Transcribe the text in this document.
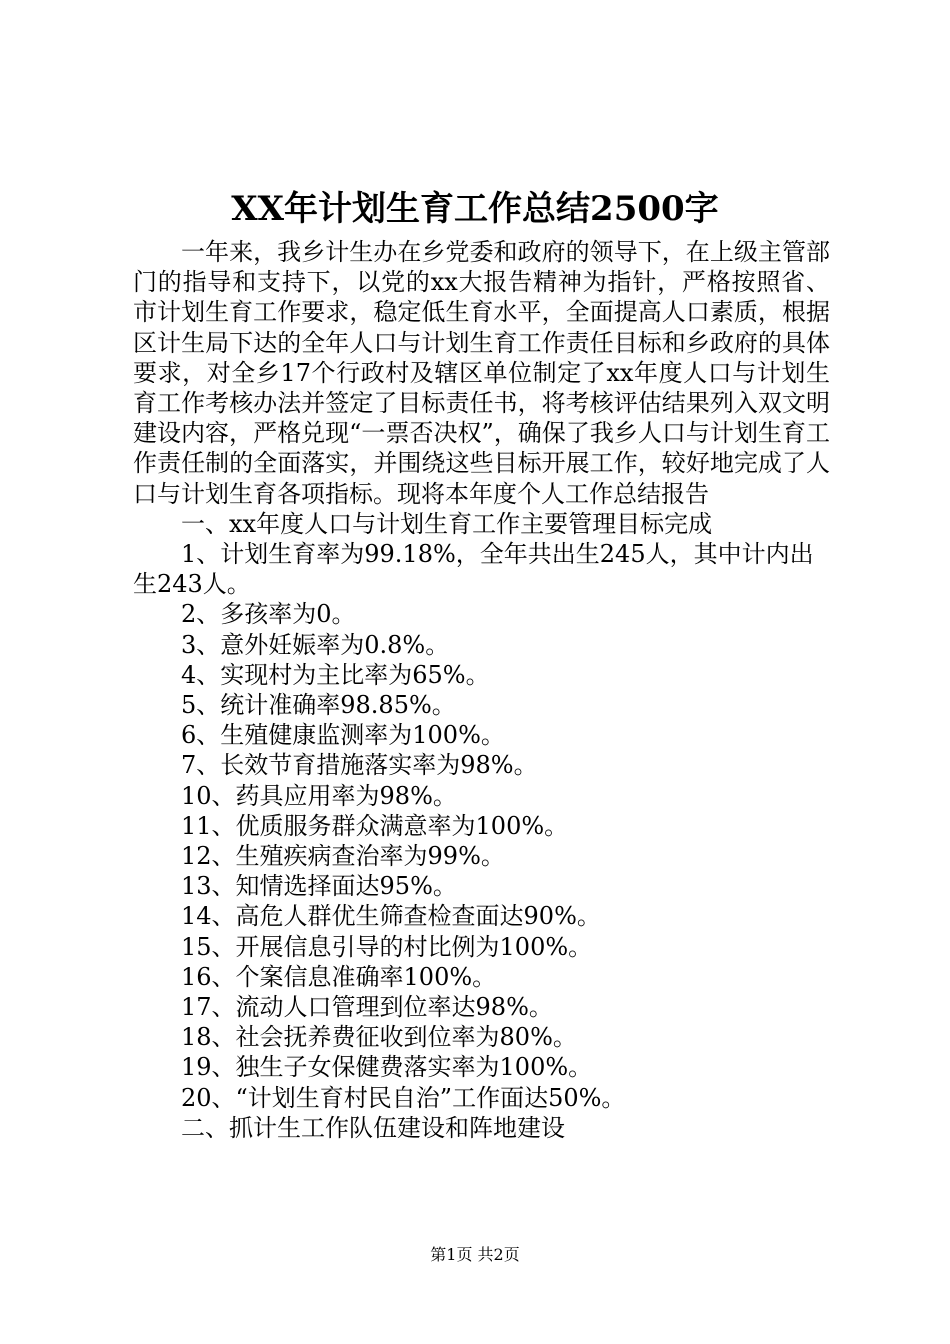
XX年计划生育工作总结2500字

一年来，我乡计生办在乡党委和政府的领导下，在上级主管部门的指导和支持下，以党的xx大报告精神为指针，严格按照省、市计划生育工作要求，稳定低生育水平，全面提高人口素质，根据区计生局下达的全年人口与计划生育工作责任目标和乡政府的具体要求，对全乡17个行政村及辖区单位制定了xx年度人口与计划生育工作考核办法并签定了目标责任书，将考核评估结果列入双文明建设内容，严格兑现“一票否决权”，确保了我乡人口与计划生育工作责任制的全面落实，并围绕这些目标开展工作，较好地完成了人口与计划生育各项指标。现将本年度个人工作总结报告

一、xx年度人口与计划生育工作主要管理目标完成

1、计划生育率为99.18%，全年共出生245人，其中计内出生243人。

2、多孩率为0。

3、意外妊娠率为0.8%。

4、实现村为主比率为65%。

5、统计准确率98.85%。

6、生殖健康监测率为100%。

7、长效节育措施落实率为98%。

10、药具应用率为98%。

11、优质服务群众满意率为100%。

12、生殖疾病查治率为99%。

13、知情选择面达95%。

14、高危人群优生筛查检查面达90%。

15、开展信息引导的村比例为100%。

16、个案信息准确率100%。

17、流动人口管理到位率达98%。

18、社会抚养费征收到位率为80%。

19、独生子女保健费落实率为100%。

20、“计划生育村民自治”工作面达50%。

二、抓计生工作队伍建设和阵地建设

第1页 共2页
